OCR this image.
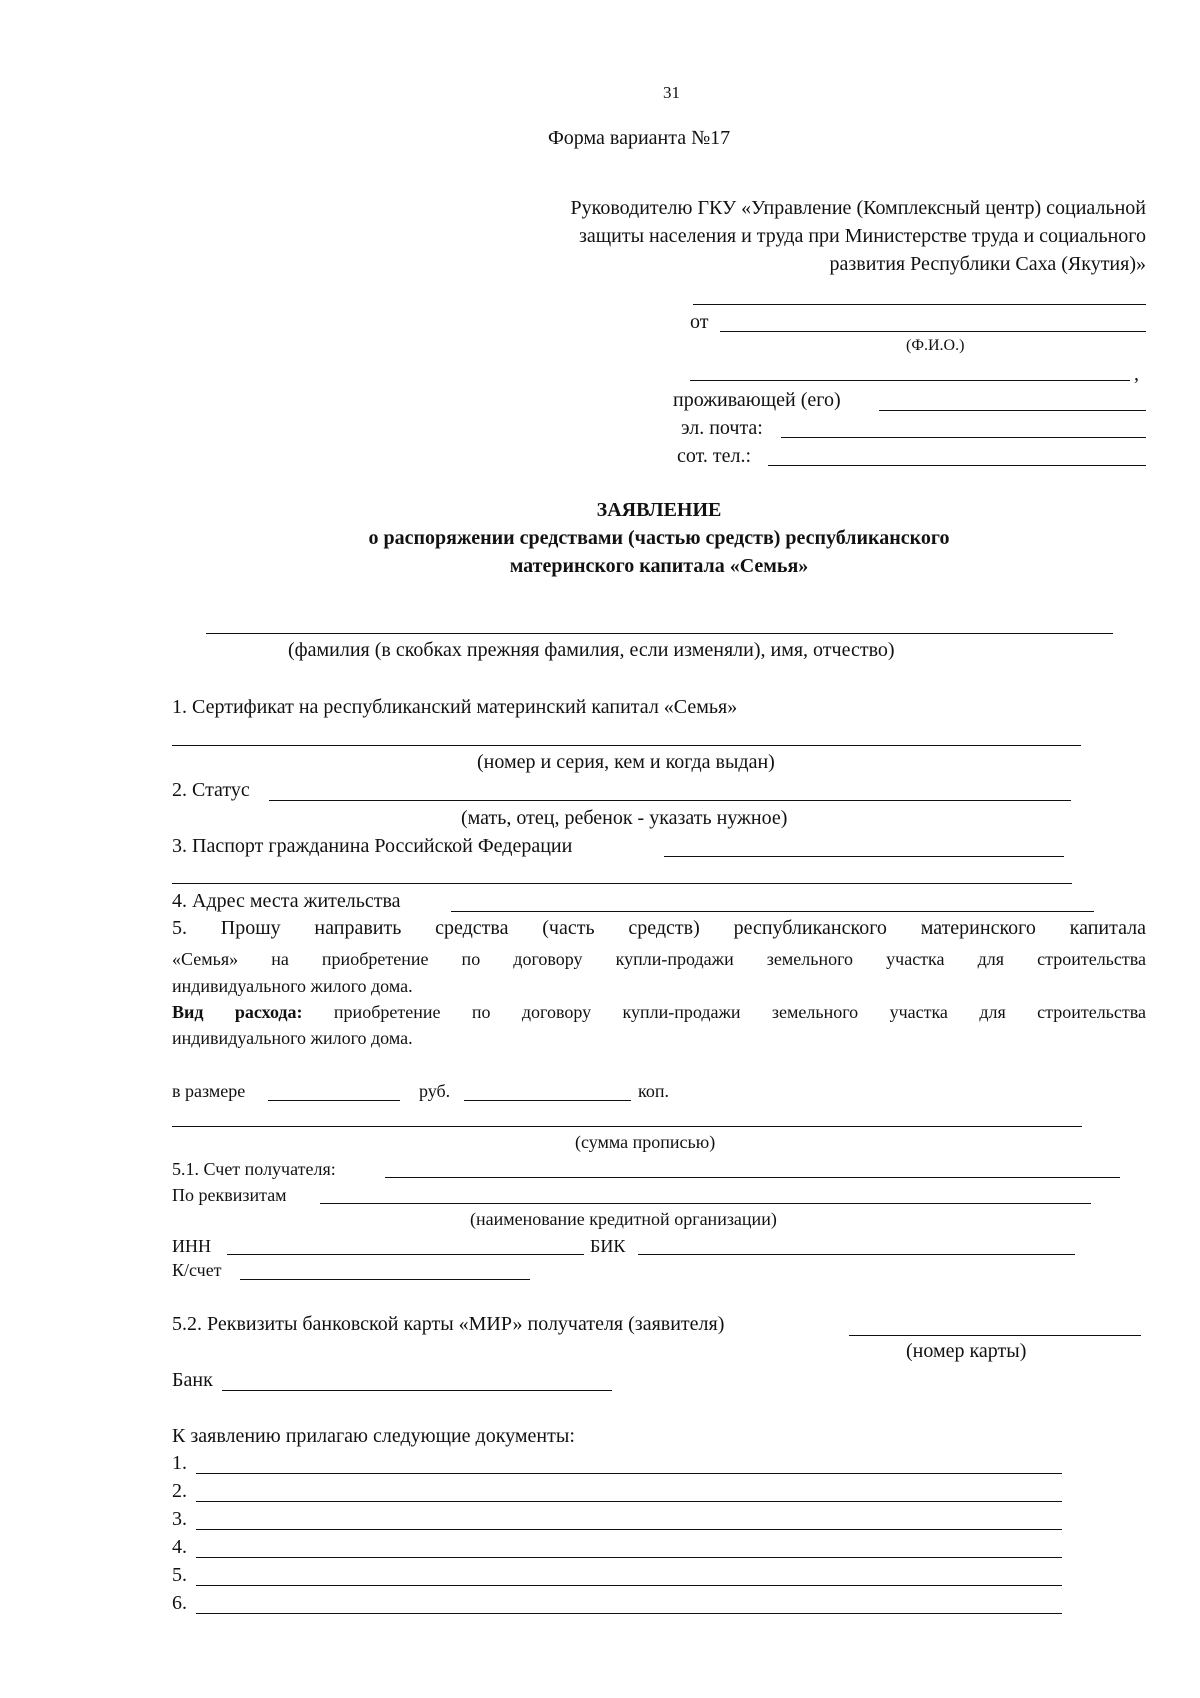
31
Форма варианта №17
Руководителю ГКУ «Управление (Комплексный центр) социальной
защиты населения и труда при Министерстве труда и социального
развития Республики Саха (Якутия)»
от
(Ф.И.О.)
,
проживающей (его)
эл. почта:
сот. тел.:
ЗАЯВЛЕНИЕ
о распоряжении средствами (частью средств) республиканского
материнского капитала «Семья»
(фамилия (в скобках прежняя фамилия, если изменяли), имя, отчество)
1. Сертификат на республиканский материнский капитал «Семья»
(номер и серия, кем и когда выдан)
2. Статус
(мать, отец, ребенок - указать нужное)
3. Паспорт гражданина Российской Федерации
4. Адрес места жительства
5. Прошу направить средства (часть средств) республиканского материнского капитала
«Семья» на приобретение по договору купли-продажи земельного участка для строительства
индивидуального жилого дома.
Вид расхода: приобретение по договору купли-продажи земельного участка для строительства
индивидуального жилого дома.
в размере	руб.	коп.
(сумма прописью)
5.1. Счет получателя:
По реквизитам
(наименование кредитной организации)
ИНН	БИК
К/счет
5.2. Реквизиты банковской карты «МИР» получателя (заявителя)
(номер карты)
Банк
К заявлению прилагаю следующие документы:
1.
2.
3.
4.
5.
6.
